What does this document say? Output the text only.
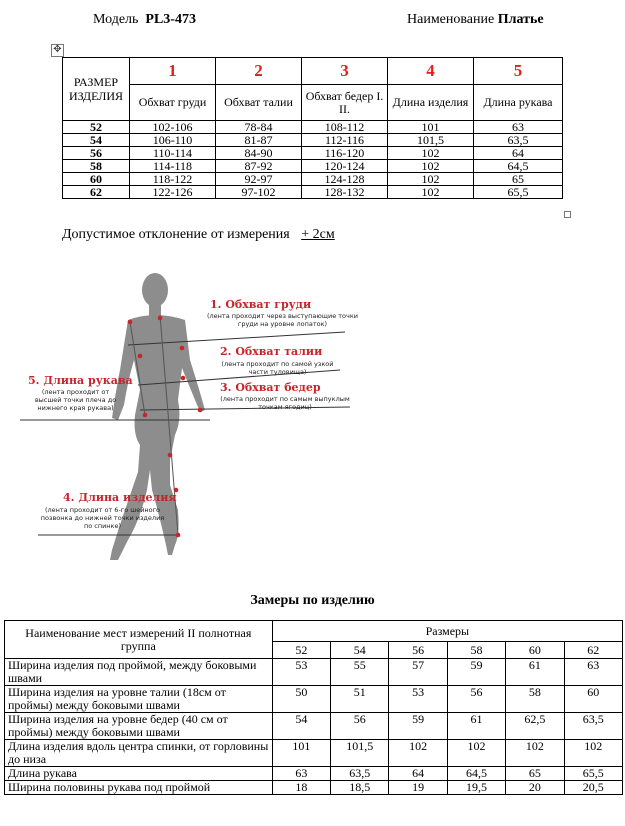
Модель PL3-473	Наименование Платье
✥
РАЗМЕР ИЗДЕЛИЯ	1	2	3	4	5
	Обхват груди	Обхват талии	Обхват бедер I. II.	Длина изделия	Длина рукава
52	102-106	78-84	108-112	101	63
54	106-110	81-87	112-116	101,5	63,5
56	110-114	84-90	116-120	102	64
58	114-118	87-92	120-124	102	64,5
60	118-122	92-97	124-128	102	65
62	122-126	97-102	128-132	102	65,5
Допустимое отклонение от измерения + 2см
1. Обхват груди
(лента проходит через выступающие точки груди на уровне лопаток)
2. Обхват талии
(лента проходит по самой узкой части туловища)
3. Обхват бедер
(лента проходит по самым выпуклым точкам ягодиц)
5. Длина рукава
(лента проходит от высшей точки плеча до нижнего края рукава)
4. Длина изделия
(лента проходит от 6-го шейного позвонка до нижней точки изделия по спинке)
Замеры по изделию
Наименование мест измерений II полнотная группа	Размеры					
	52	54	56	58	60	62
Ширина изделия под проймой, между боковыми швами	53	55	57	59	61	63
Ширина изделия на уровне талии (18см от проймы) между боковыми швами	50	51	53	56	58	60
Ширина изделия на уровне бедер (40 см от проймы) между боковыми швами	54	56	59	61	62,5	63,5
Длина изделия вдоль центра спинки, от горловины до низа	101	101,5	102	102	102	102
Длина рукава	63	63,5	64	64,5	65	65,5
Ширина половины рукава под проймой	18	18,5	19	19,5	20	20,5
